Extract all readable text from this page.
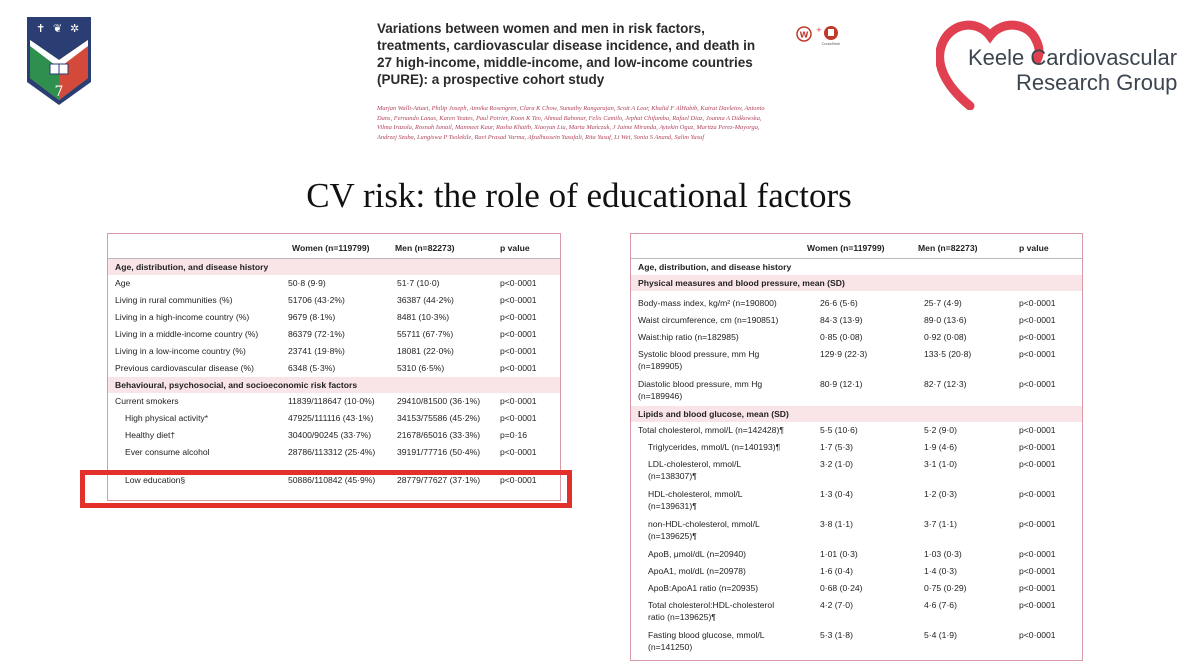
✝ ❦ ✲
7
Variations between women and men in risk factors, treatments, cardiovascular disease incidence, and death in 27 high-income, middle-income, and low-income countries (PURE): a prospective cohort study
Marjan Walli-Attaei, Philip Joseph, Annika Rosengren, Clara K Chow, Sumathy Rangarajan, Scott A Lear, Khalid F AlHabib, Kairat Davletov, Antonio Dans, Fernando Lanas, Karen Yeates, Paul Poirier, Koon K Teo, Ahmad Bahonar, Felix Camilo, Jephat Chifamba, Rafael Diaz, Joanna A Didkowska, Vilma Irazola, Rosnah Ismail, Manmeet Kaur, Rasha Khatib, Xiaoyun Liu, Marta Mańczuk, J Jaime Miranda, Aytekin Oguz, Maritza Perez-Mayorga, Andrzej Szuba, Lungiswa P Tsolekile, Ravi Prasad Varma, Afzalhussein Yusufali, Rita Yusuf, Li Wei, Sonia S Anand, Salim Yusuf
W
+
CrossMark
Keele Cardiovascular
Research Group
CV risk: the role of educational factors
Women (n=119799)	Men (n=82273)	p value
Age, distribution, and disease history
Age	50·8 (9·9)	51·7 (10·0)	p<0·0001
Living in rural communities (%)	51706 (43·2%)	36387 (44·2%)	p<0·0001
Living in a high-income country (%)	9679 (8·1%)	8481 (10·3%)	p<0·0001
Living in a middle-income country (%)	86379 (72·1%)	55711 (67·7%)	p<0·0001
Living in a low-income country (%)	23741 (19·8%)	18081 (22·0%)	p<0·0001
Previous cardiovascular disease (%)	6348 (5·3%)	5310 (6·5%)	p<0·0001
Behavioural, psychosocial, and socioeconomic risk factors
Current smokers	11839/118647 (10·0%)	29410/81500 (36·1%) p<0·0001
High physical activity*	47925/111116 (43·1%)	34153/75586 (45·2%) p<0·0001
Healthy diet†	30400/90245 (33·7%)	21678/65016 (33·3%) p=0·16
Ever consume alcohol	28786/113312 (25·4%)	39191/77716 (50·4%) p<0·0001
Low education§	50886/110842 (45·9%)	28779/77627 (37·1%) p<0·0001
Women (n=119799)	Men (n=82273)	p value
Age, distribution, and disease history
Physical measures and blood pressure, mean (SD)
Body-mass index, kg/m² (n=190800)	26·6 (5·6)	25·7 (4·9)	p<0·0001
Waist circumference, cm (n=190851)	84·3 (13·9)	89·0 (13·6)	p<0·0001
Waist:hip ratio (n=182985)	0·85 (0·08)	0·92 (0·08)	p<0·0001
Systolic blood pressure, mm Hg
(n=189905)
129·9 (22·3)	133·5 (20·8)	p<0·0001
Diastolic blood pressure, mm Hg
(n=189946)
80·9 (12·1)	82·7 (12·3)	p<0·0001
Lipids and blood glucose, mean (SD)
Total cholesterol, mmol/L (n=142428)¶	5·5 (10·6)	5·2 (9·0)	p<0·0001
Triglycerides, mmol/L (n=140193)¶	1·7 (5·3)	1·9 (4·6)	p<0·0001
LDL-cholesterol, mmol/L
(n=138307)¶
3·2 (1·0)	3·1 (1·0)	p<0·0001
HDL-cholesterol, mmol/L
(n=139631)¶
1·3 (0·4)	1·2 (0·3)	p<0·0001
non-HDL-cholesterol, mmol/L
(n=139625)¶
3·8 (1·1)	3·7 (1·1)	p<0·0001
ApoB, μmol/dL (n=20940)	1·01 (0·3)	1·03 (0·3)	p<0·0001
ApoA1, mol/dL (n=20978)	1·6 (0·4)	1·4 (0·3)	p<0·0001
ApoB:ApoA1 ratio (n=20935)	0·68 (0·24)	0·75 (0·29)	p<0·0001
Total cholesterol:HDL-cholesterol
ratio (n=139625)¶
4·2 (7·0)	4·6 (7·6)	p<0·0001
Fasting blood glucose, mmol/L
(n=141250)
5·3 (1·8)	5·4 (1·9)	p<0·0001
